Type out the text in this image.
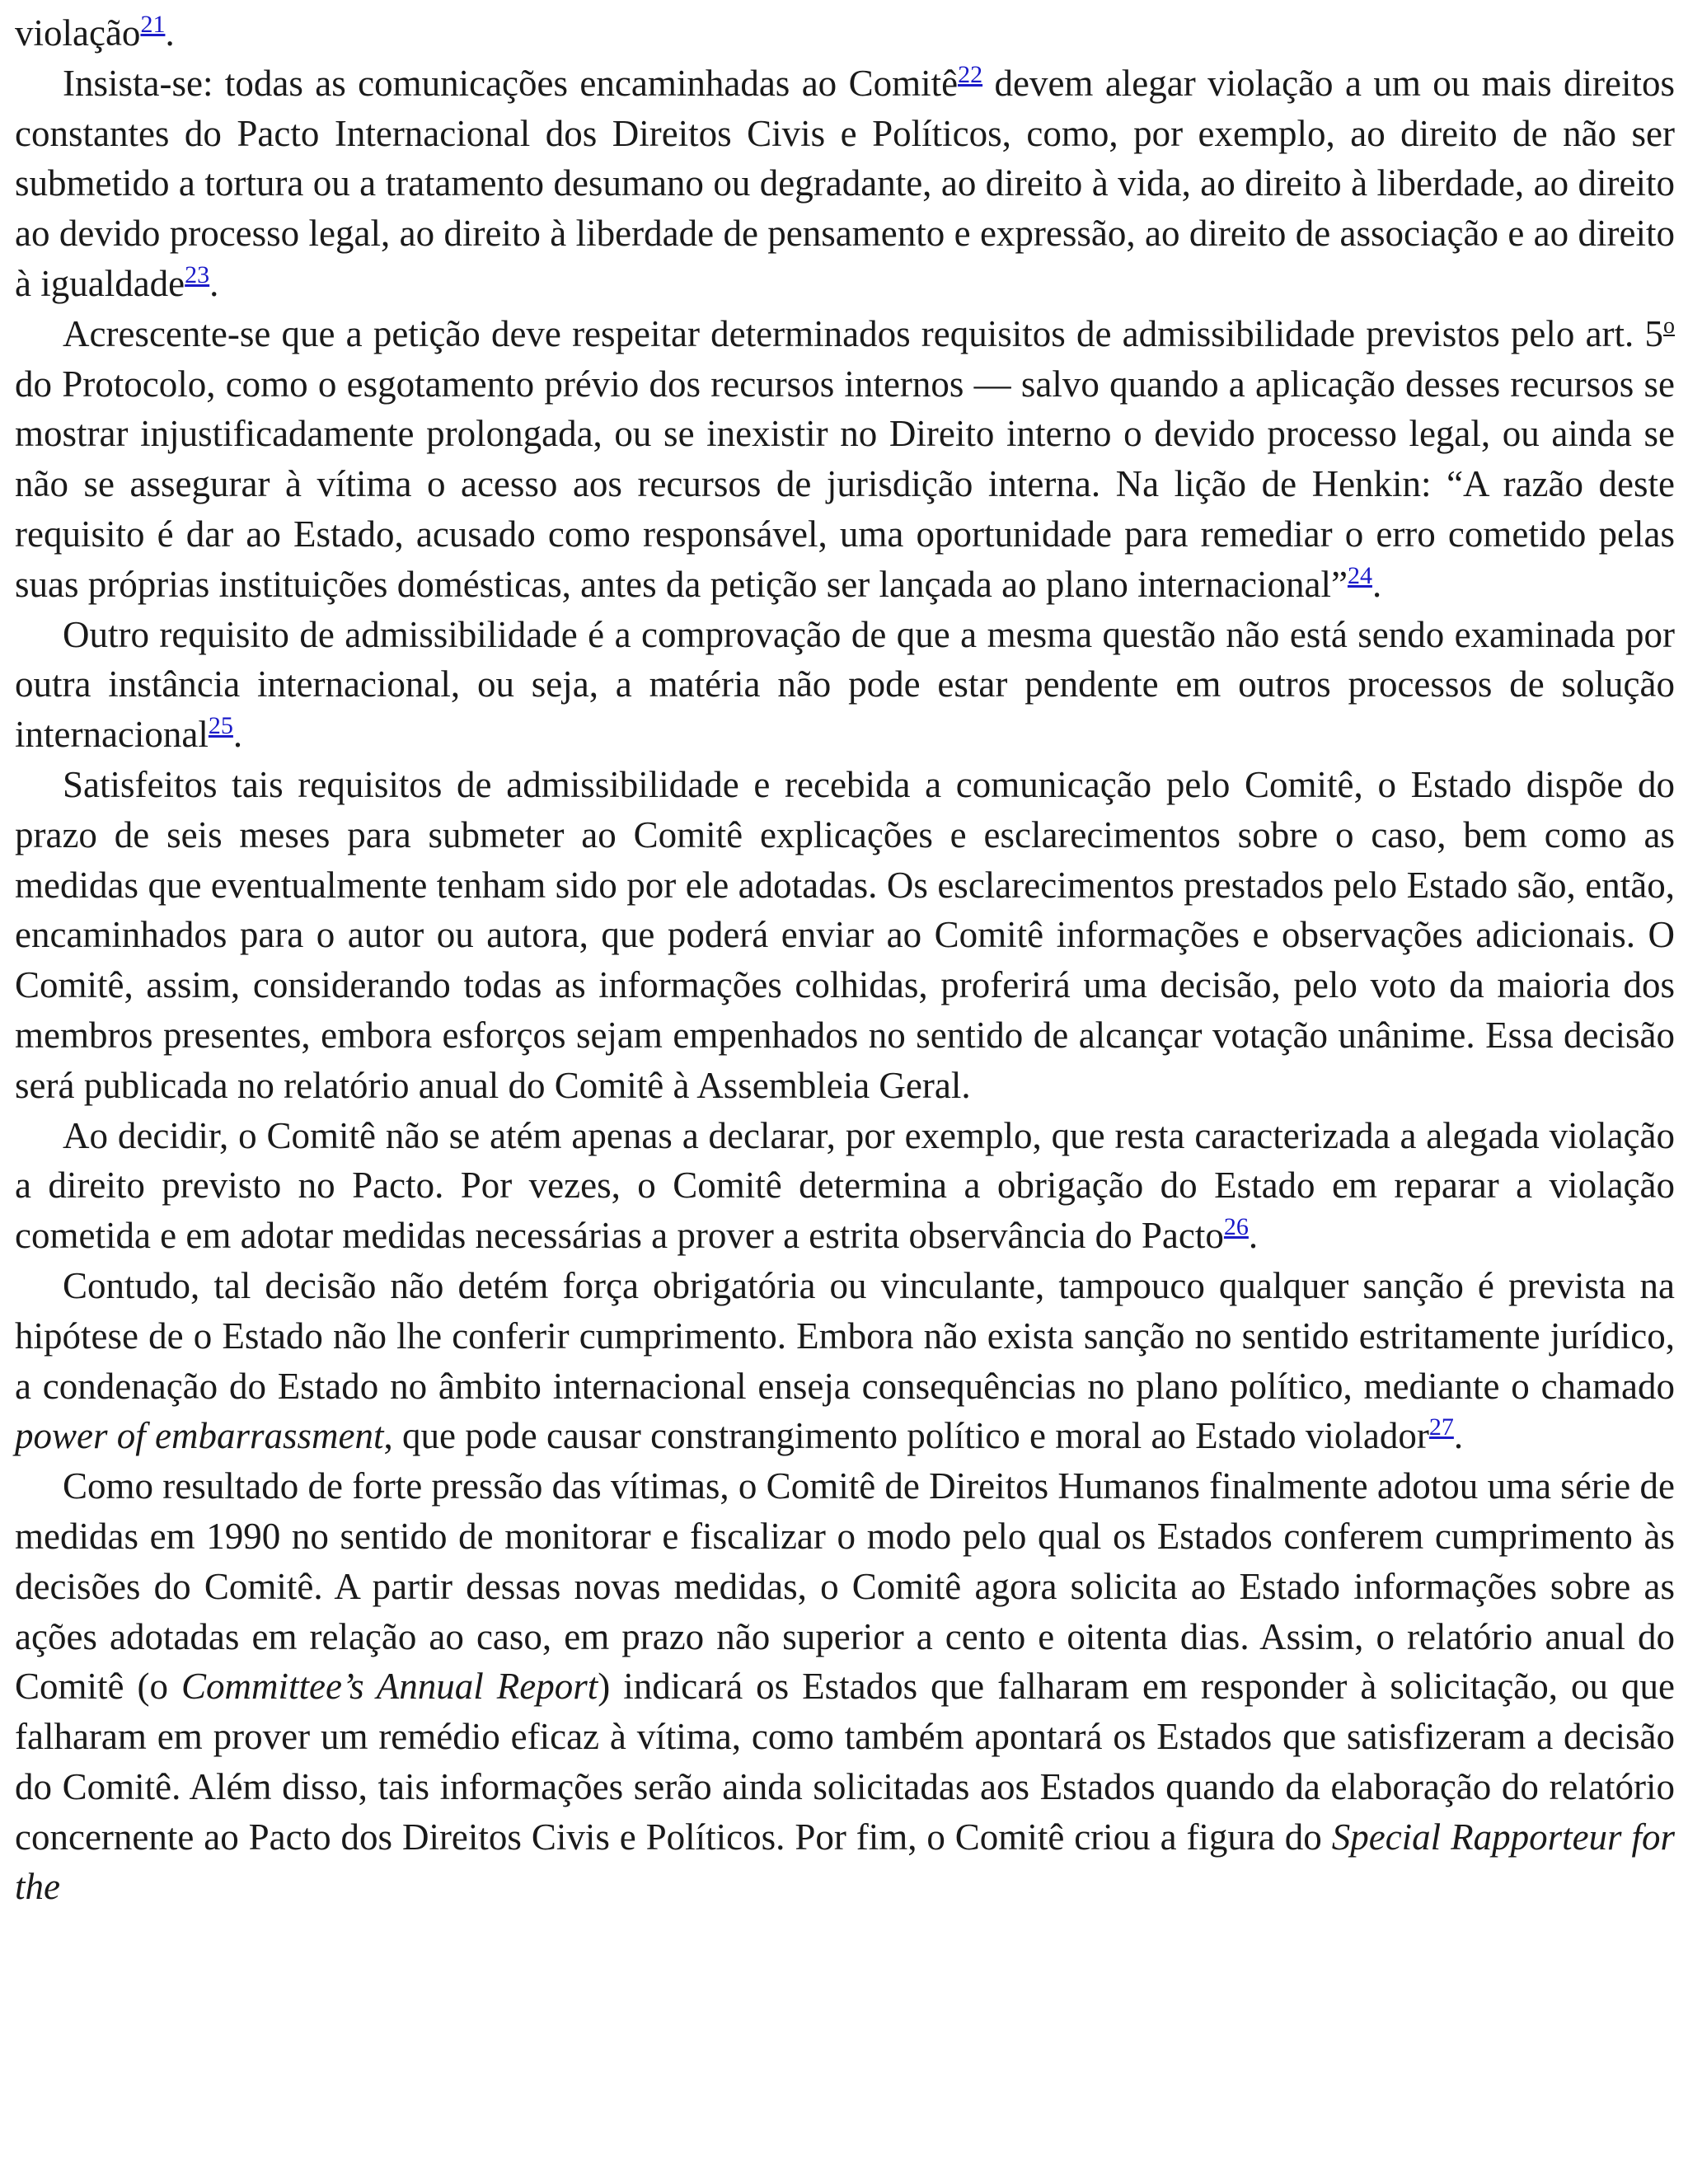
violação$^{21}$.

Insista-se: todas as comunicações encaminhadas ao Comitê$^{22}$ devem alegar violação a um ou mais direitos constantes do Pacto Internacional dos Direitos Civis e Políticos, como, por exemplo, ao direito de não ser submetido a tortura ou a tratamento desumano ou degradante, ao direito à vida, ao direito à liberdade, ao direito ao devido processo legal, ao direito à liberdade de pensamento e expressão, ao direito de associação e ao direito à igualdade$^{23}$.

Acrescente-se que a petição deve respeitar determinados requisitos de admissibilidade previstos pelo art. 5$^o$ do Protocolo, como o esgotamento prévio dos recursos internos — salvo quando a aplicação desses recursos se mostrar injustificadamente prolongada, ou se inexistir no Direito interno o devido processo legal, ou ainda se não se assegurar à vítima o acesso aos recursos de jurisdição interna. Na lição de Henkin: “A razão deste requisito é dar ao Estado, acusado como responsável, uma oportunidade para remediar o erro cometido pelas suas próprias instituições domésticas, antes da petição ser lançada ao plano internacional”$^{24}$.

Outro requisito de admissibilidade é a comprovação de que a mesma questão não está sendo examinada por outra instância internacional, ou seja, a matéria não pode estar pendente em outros processos de solução internacional$^{25}$.

Satisfeitos tais requisitos de admissibilidade e recebida a comunicação pelo Comitê, o Estado dispõe do prazo de seis meses para submeter ao Comitê explicações e esclarecimentos sobre o caso, bem como as medidas que eventualmente tenham sido por ele adotadas. Os esclarecimentos prestados pelo Estado são, então, encaminhados para o autor ou autora, que poderá enviar ao Comitê informações e observações adicionais. O Comitê, assim, considerando todas as informações colhidas, proferirá uma decisão, pelo voto da maioria dos membros presentes, embora esforços sejam empenhados no sentido de alcançar votação unânime. Essa decisão será publicada no relatório anual do Comitê à Assembleia Geral.

Ao decidir, o Comitê não se atém apenas a declarar, por exemplo, que resta caracterizada a alegada violação a direito previsto no Pacto. Por vezes, o Comitê determina a obrigação do Estado em reparar a violação cometida e em adotar medidas necessárias a prover a estrita observância do Pacto$^{26}$.

Contudo, tal decisão não detém força obrigatória ou vinculante, tampouco qualquer sanção é prevista na hipótese de o Estado não lhe conferir cumprimento. Embora não exista sanção no sentido estritamente jurídico, a condenação do Estado no âmbito internacional enseja consequências no plano político, mediante o chamado power of embarrassment, que pode causar constrangimento político e moral ao Estado violador$^{27}$.

Como resultado de forte pressão das vítimas, o Comitê de Direitos Humanos finalmente adotou uma série de medidas em 1990 no sentido de monitorar e fiscalizar o modo pelo qual os Estados conferem cumprimento às decisões do Comitê. A partir dessas novas medidas, o Comitê agora solicita ao Estado informações sobre as ações adotadas em relação ao caso, em prazo não superior a cento e oitenta dias. Assim, o relatório anual do Comitê (o Committee’s Annual Report) indicará os Estados que falharam em responder à solicitação, ou que falharam em prover um remédio eficaz à vítima, como também apontará os Estados que satisfizeram a decisão do Comitê. Além disso, tais informações serão ainda solicitadas aos Estados quando da elaboração do relatório concernente ao Pacto dos Direitos Civis e Políticos. Por fim, o Comitê criou a figura do Special Rapporteur for the
